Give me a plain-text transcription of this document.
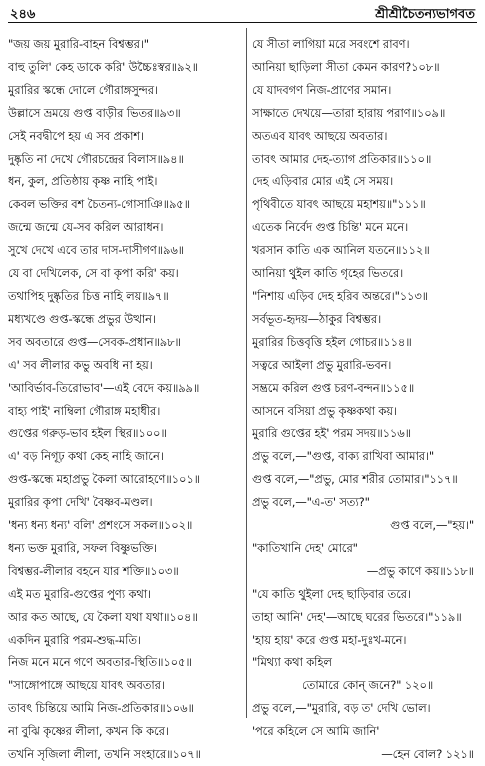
২৪৬	শ্রীশ্রীচৈতন্যভাগবত
"জয় জয় মুরারি-বাহন বিশ্বম্ভর।"
বাহু তুলি' কেহ ডাকে করি' উচ্চৈঃস্বর॥৯২॥
মুরারির স্কন্ধে দোলে গৌরাঙ্গসুন্দর।
উল্লাসে ভ্রময়ে গুপ্ত বাড়ীর ভিতর॥৯৩॥
সেই নবদ্বীপে হয় এ সব প্রকাশ।
দুষ্কৃতি না দেখে গৌরচন্দ্রের বিলাস॥৯৪॥
ধন, কুল, প্রতিষ্ঠায় কৃষ্ণ নাহি পাই।
কেবল ভক্তির বশ চৈতন্য-গোসাঞি॥৯৫॥
জন্মে জন্মে যে-সব করিল আরাধন।
সুখে দেখে এবে তার দাস-দাসীগণ॥৯৬॥
যে বা দেখিলেক, সে বা কৃপা করি' কয়।
তথাপিহ দুষ্কৃতির চিত্ত নাহি লয়॥৯৭॥
মধ্যখণ্ডে গুপ্ত-স্কন্ধে প্রভুর উত্থান।
সব অবতারে গুপ্ত—সেবক-প্রধান॥৯৮॥
এ' সব লীলার কভু অবধি না হয়।
'আবির্ভাব-তিরোভাব'—এই বেদে কয়॥৯৯॥
বাহ্য পাই' নাম্বিলা গৌরাঙ্গ মহাধীর।
গুপ্তের গরুড়-ভাব হইল স্থির॥১০০॥
এ' বড় নিগূঢ় কথা কেহ নাহি জানে।
গুপ্ত-স্কন্ধে মহাপ্রভু কৈলা আরোহণে॥১০১॥
মুরারির কৃপা দেখি' বৈষ্ণব-মণ্ডল।
'ধন্য ধন্য ধন্য' বলি' প্রশংসে সকল॥১০২॥
ধন্য ভক্ত মুরারি, সফল বিষ্ণুভক্তি।
বিশ্বম্ভর-লীলার বহনে যার শক্তি॥১০৩॥
এই মত মুরারি-গুপ্তের পুণ্য কথা।
আর কত আছে, যে কৈলা যথা যথা॥১০৪॥
একদিন মুরারি পরম-শুদ্ধ-মতি।
নিজ মনে মনে গণে অবতার-স্থিতি॥১০৫॥
"সাঙ্গোপাঙ্গে আছয়ে যাবৎ অবতার।
তাবৎ চিন্তিয়ে আমি নিজ-প্রতিকার॥১০৬॥
না বুঝি কৃষ্ণের লীলা, কখন কি করে।
তখনি সৃজিলা লীলা, তখনি সংহারে॥১০৭॥
যে সীতা লাগিয়া মরে সবংশে রাবণ।
আনিয়া ছাড়িলা সীতা কেমন কারণ?১০৮॥
যে যাদবগণ নিজ-প্রাণের সমান।
সাক্ষাতে দেখয়ে—তারা হারায় পরাণ॥১০৯॥
অতএব যাবৎ আছয়ে অবতার।
তাবৎ আমার দেহ-ত্যাগ প্রতিকার॥১১০॥
দেহ এড়িবার মোর এই সে সময়।
পৃথিবীতে যাবৎ আছয়ে মহাশয়॥"১১১॥
এতেক নির্বেদ গুপ্ত চিন্তি' মনে মনে।
খরসান কাতি এক আনিল যতনে॥১১২॥
আনিয়া থুইল কাতি গৃহের ভিতরে।
"নিশায় এড়িব দেহ হরিব অন্তরে।"১১৩॥
সর্বভূত-হৃদয়—ঠাকুর বিশ্বম্ভর।
মুরারির চিত্তবৃত্তি হইল গোচর॥১১৪॥
সত্বরে আইলা প্রভু মুরারি-ভবন।
সম্ভ্রমে করিল গুপ্ত চরণ-বন্দন॥১১৫॥
আসনে বসিয়া প্রভু কৃষ্ণকথা কয়।
মুরারি গুপ্তের হই' পরম সদয়॥১১৬॥
প্রভু বলে,—"গুপ্ত, বাক্য রাখিবা আমার।"
গুপ্ত বলে,—"প্রভু, মোর শরীর তোমার।"১১৭॥
প্রভু বলে,—"এ-ত' সত্য?"
গুপ্ত বলে,—"হয়।"
"কাতিখানি দেহ' মোরে"
—প্রভু কাণে কয়॥১১৮॥
"যে কাতি থুইলা দেহ ছাড়িবার তরে।
তাহা আনি' দেহ'—আছে ঘরের ভিতরে।"১১৯॥
'হায় হায়' করে গুপ্ত মহা-দুঃখ-মনে।
"মিথ্যা কথা কহিল
তোমারে কোন্ জনে?" ১২০॥
প্রভু বলে,—"মুরারি, বড় ত' দেখি ভোল।
'পরে কহিলে সে আমি জানি'
—হেন বোল? ১২১॥
